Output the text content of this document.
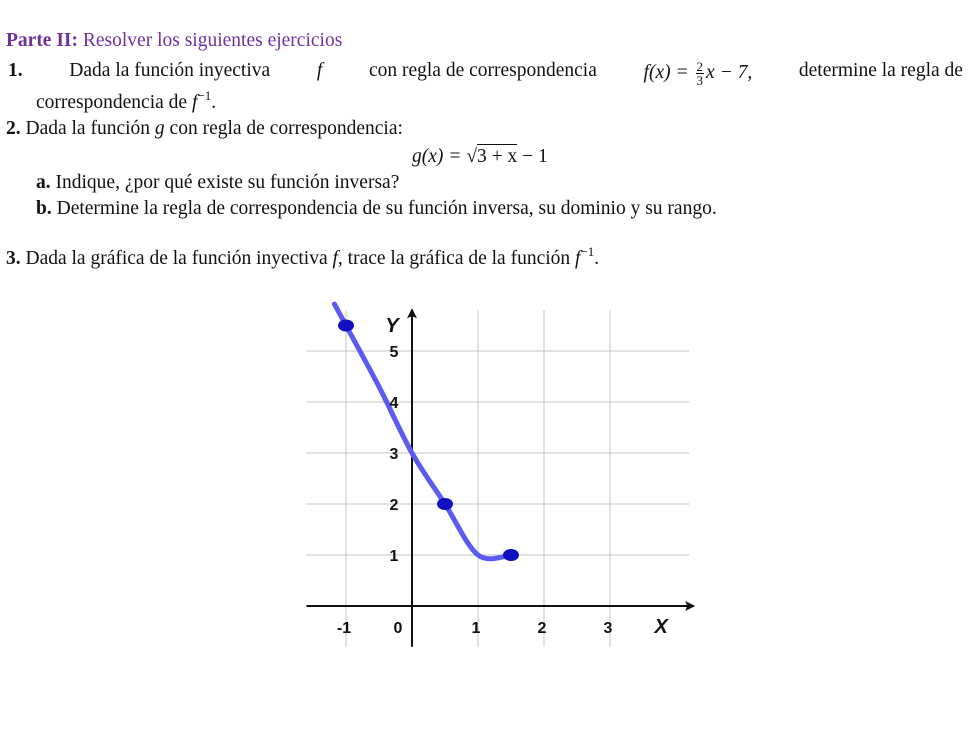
Parte II: Resolver los siguientes ejercicios
1. Dada la función inyectiva f con regla de correspondencia $f(x) = \frac{2}{3}$ x − 7, determine la regla de
correspondencia de $f^{-1}$.
2. Dada la función g con regla de correspondencia:
g(x) = √3 + x − 1
a. Indique, ¿por qué existe su función inversa?
b. Determine la regla de correspondencia de su función inversa, su dominio y su rango.
3. Dada la gráfica de la función inyectiva f, trace la gráfica de la función $f^{-1}$.
-1	0	1	2	3
1
2
3
4
5
X
Y
